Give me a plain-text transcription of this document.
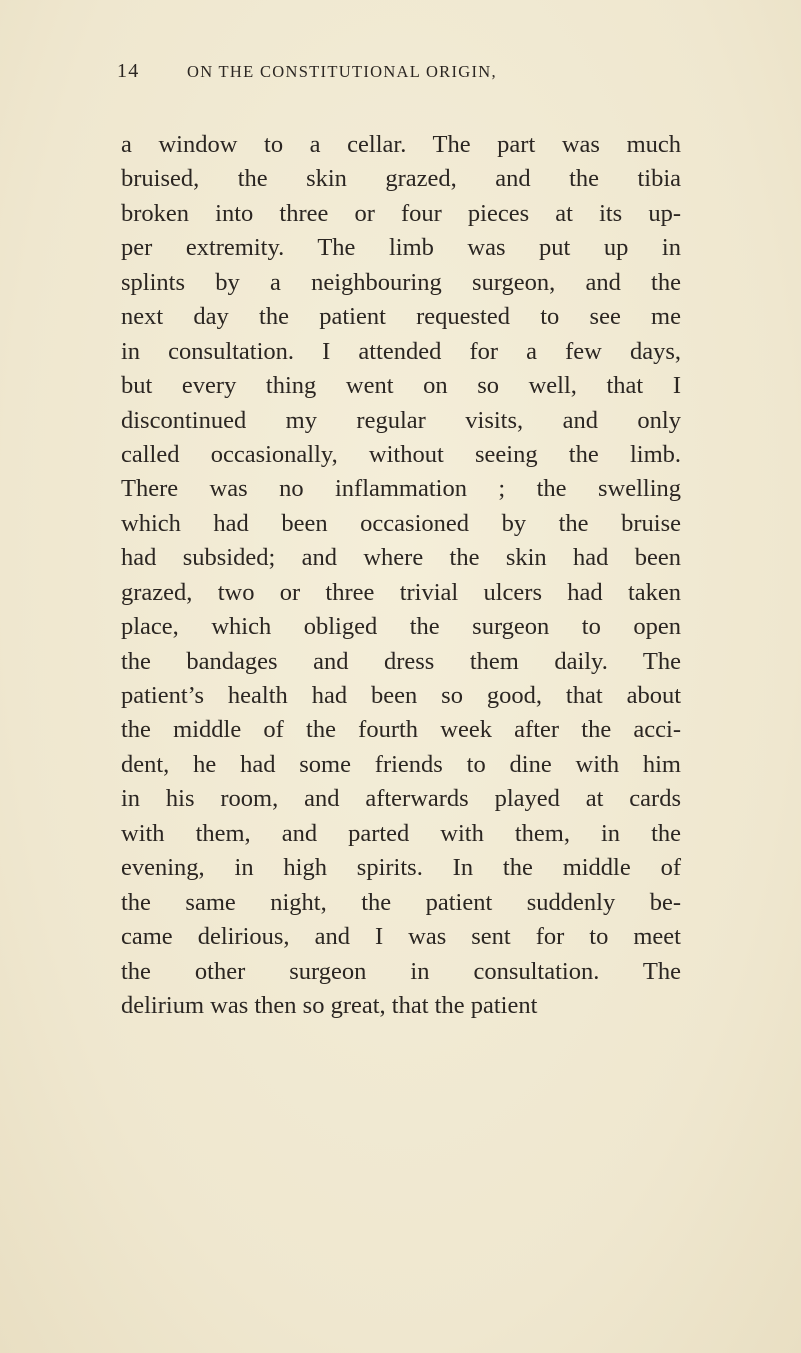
14	ON THE CONSTITUTIONAL ORIGIN,
a window to a cellar. The part was much
bruised, the skin grazed, and the tibia
broken into three or four pieces at its up-
per extremity. The limb was put up in
splints by a neighbouring surgeon, and the
next day the patient requested to see me
in consultation. I attended for a few days,
but every thing went on so well, that I
discontinued my regular visits, and only
called occasionally, without seeing the limb.
There was no inflammation ; the swelling
which had been occasioned by the bruise
had subsided; and where the skin had been
grazed, two or three trivial ulcers had taken
place, which obliged the surgeon to open
the bandages and dress them daily. The
patient’s health had been so good, that about
the middle of the fourth week after the acci-
dent, he had some friends to dine with him
in his room, and afterwards played at cards
with them, and parted with them, in the
evening, in high spirits. In the middle of
the same night, the patient suddenly be-
came delirious, and I was sent for to meet
the other surgeon in consultation. The
delirium was then so great, that the patient
